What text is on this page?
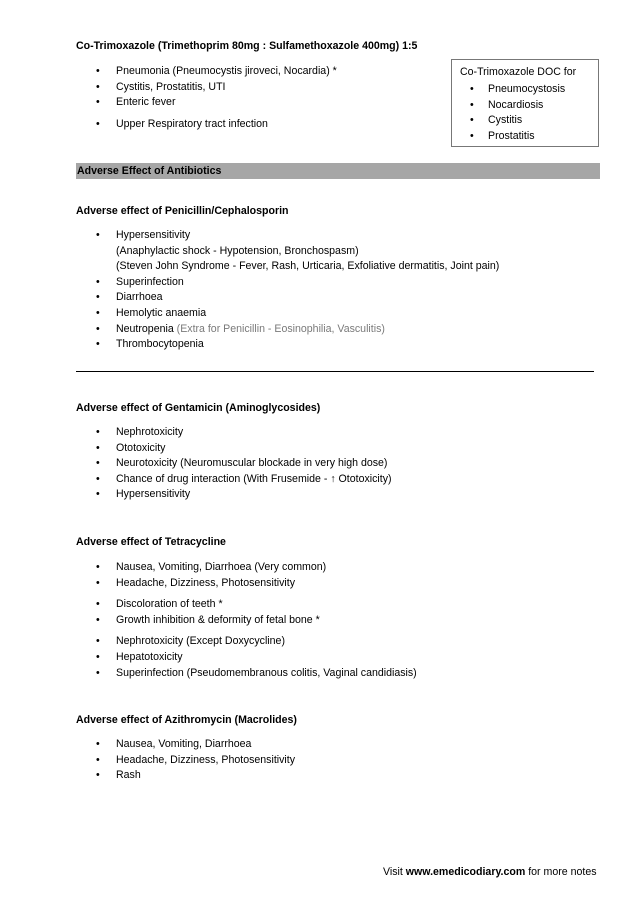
Co-Trimoxazole (Trimethoprim 80mg : Sulfamethoxazole 400mg) 1:5
• Pneumonia (Pneumocystis jiroveci, Nocardia) *
• Cystitis, Prostatitis, UTI
• Enteric fever
• Upper Respiratory tract infection
Co-Trimoxazole DOC for
• Pneumocystosis
• Nocardiosis
• Cystitis
• Prostatitis
Adverse Effect of Antibiotics
Adverse effect of Penicillin/Cephalosporin
• Hypersensitivity
(Anaphylactic shock - Hypotension, Bronchospasm)
(Steven John Syndrome - Fever, Rash, Urticaria, Exfoliative dermatitis, Joint pain)
• Superinfection
• Diarrhoea
• Hemolytic anaemia
• Neutropenia (Extra for Penicillin - Eosinophilia, Vasculitis)
• Thrombocytopenia
Adverse effect of Gentamicin (Aminoglycosides)
• Nephrotoxicity
• Ototoxicity
• Neurotoxicity (Neuromuscular blockade in very high dose)
• Chance of drug interaction (With Frusemide - ↑ Ototoxicity)
• Hypersensitivity
Adverse effect of Tetracycline
• Nausea, Vomiting, Diarrhoea (Very common)
• Headache, Dizziness, Photosensitivity
• Discoloration of teeth *
• Growth inhibition & deformity of fetal bone *
• Nephrotoxicity (Except Doxycycline)
• Hepatotoxicity
• Superinfection (Pseudomembranous colitis, Vaginal candidiasis)
Adverse effect of Azithromycin (Macrolides)
• Nausea, Vomiting, Diarrhoea
• Headache, Dizziness, Photosensitivity
• Rash
Visit www.emedicodiary.com for more notes
